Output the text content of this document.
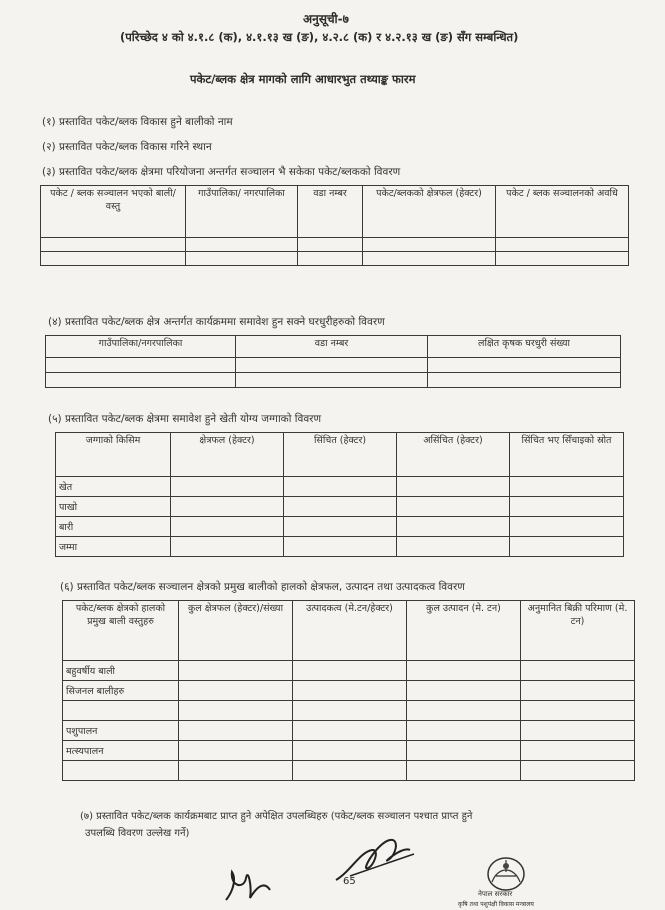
अनुसूची-७
(परिच्छेद ४ को ४.१.८ (क), ४.१.१३ ख (ङ), ४.२.८ (क) र ४.२.१३ ख (ङ) सँग सम्बन्धित)
पकेट/ब्लक क्षेत्र मागको लागि आधारभुत तथ्याङ्क फारम
(१) प्रस्तावित पकेट/ब्लक विकास हुने बालीको नाम
(२) प्रस्तावित पकेट/ब्लक विकास गरिने स्थान
(३) प्रस्तावित पकेट/ब्लक क्षेत्रमा परियोजना अन्तर्गत सञ्चालन भै सकेका पकेट/ब्लकको विवरण
पकेट / ब्लक सञ्चालन भएको बाली/वस्तु	गाउँपालिका/ नगरपालिका	वडा नम्बर	पकेट/ब्लकको क्षेत्रफल (हेक्टर)	पकेट / ब्लक सञ्चालनको अवधि

(४) प्रस्तावित पकेट/ब्लक क्षेत्र अन्तर्गत कार्यक्रममा समावेश हुन सक्ने घरधुरीहरुको विवरण
गाउँपालिका/नगरपालिका	वडा नम्बर	लक्षित कृषक घरधुरी संख्या

(५) प्रस्तावित पकेट/ब्लक क्षेत्रमा समावेश हुने खेती योग्य जग्गाको विवरण
जग्गाको किसिम	क्षेत्रफल (हेक्टर)	सिंचित (हेक्टर)	असिंचित (हेक्टर)	सिंचित भए सिँचाइको स्रोत
खेत				
पाखो				
बारी				
जम्मा				
(६) प्रस्तावित पकेट/ब्लक सञ्चालन क्षेत्रको प्रमुख बालीको हालको क्षेत्रफल, उत्पादन तथा उत्पादकत्व विवरण
पकेट/ब्लक क्षेत्रको हालको प्रमुख बाली वस्तुहरु	कुल क्षेत्रफल (हेक्टर)/संख्या	उत्पादकत्व (मे.टन/हेक्टर)	कुल उत्पादन (मे. टन)	अनुमानित बिक्री परिमाण (मे. टन)
बहुवर्षीय बाली				
सिजनल बालीहरु				

पशुपालन				
मत्स्यपालन				

(७) प्रस्तावित पकेट/ब्लक कार्यक्रमबाट प्राप्त हुने अपेक्षित उपलब्धिहरु (पकेट/ब्लक सञ्चालन पश्चात प्राप्त हुने
उपलब्धि विवरण उल्लेख गर्ने)
65
नेपाल सरकार
कृषि तथा पशुपंक्षी विकास मन्त्रालय
